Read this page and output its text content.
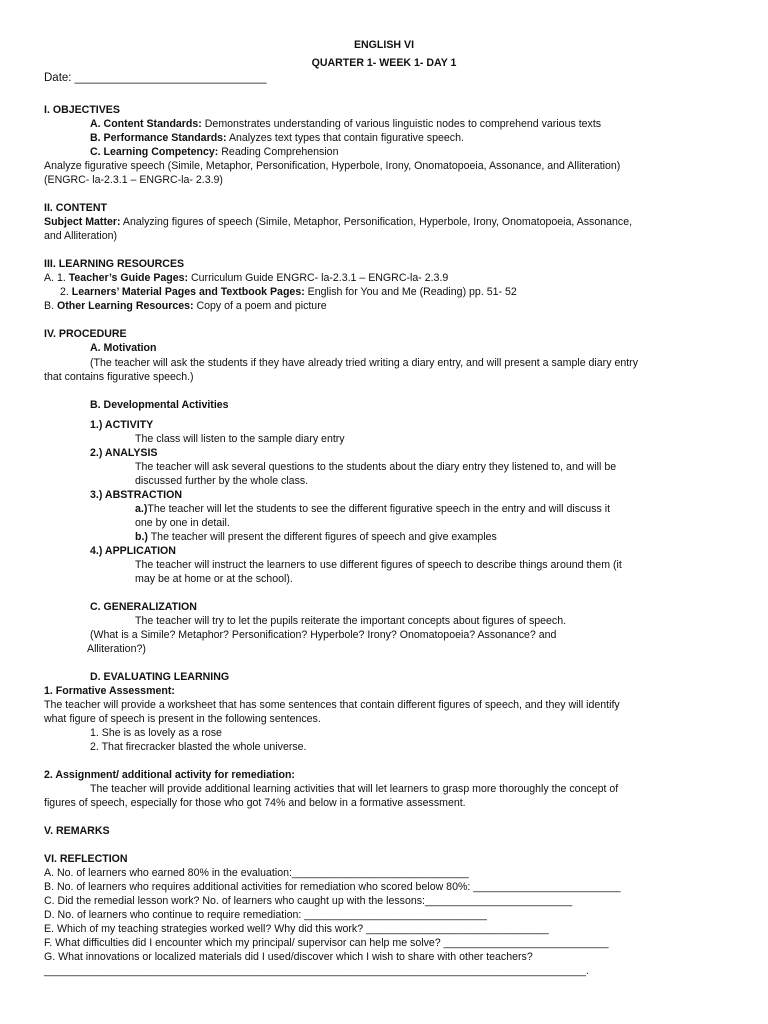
ENGLISH VI
QUARTER 1- WEEK 1- DAY 1
Date: ______________________________
I. OBJECTIVES
A. Content Standards: Demonstrates understanding of various linguistic nodes to comprehend various texts
B. Performance Standards: Analyzes text types that contain figurative speech.
C. Learning Competency: Reading Comprehension
Analyze figurative speech (Simile, Metaphor, Personification, Hyperbole, Irony, Onomatopoeia, Assonance, and Alliteration)
(ENGRC- la-2.3.1 – ENGRC-la- 2.3.9)
II. CONTENT
Subject Matter: Analyzing figures of speech (Simile, Metaphor, Personification, Hyperbole, Irony, Onomatopoeia, Assonance,
and Alliteration)
III. LEARNING RESOURCES
A. 1. Teacher’s Guide Pages: Curriculum Guide ENGRC- la-2.3.1 – ENGRC-la- 2.3.9
2. Learners’ Material Pages and Textbook Pages: English for You and Me (Reading) pp. 51- 52
B. Other Learning Resources: Copy of a poem and picture
IV. PROCEDURE
A. Motivation
(The teacher will ask the students if they have already tried writing a diary entry, and will present a sample diary entry
that contains figurative speech.)
B. Developmental Activities
1.) ACTIVITY
The class will listen to the sample diary entry
2.) ANALYSIS
The teacher will ask several questions to the students about the diary entry they listened to, and will be
discussed further by the whole class.
3.) ABSTRACTION
a.)The teacher will let the students to see the different figurative speech in the entry and will discuss it
one by one in detail.
b.) The teacher will present the different figures of speech and give examples
4.) APPLICATION
The teacher will instruct the learners to use different figures of speech to describe things around them (it
may be at home or at the school).
C. GENERALIZATION
The teacher will try to let the pupils reiterate the important concepts about figures of speech.
(What is a Simile? Metaphor? Personification? Hyperbole? Irony? Onomatopoeia? Assonance? and
Alliteration?)
D. EVALUATING LEARNING
1. Formative Assessment:
The teacher will provide a worksheet that has some sentences that contain different figures of speech, and they will identify
what figure of speech is present in the following sentences.
1. She is as lovely as a rose
2. That firecracker blasted the whole universe.
2. Assignment/ additional activity for remediation:
The teacher will provide additional learning activities that will let learners to grasp more thoroughly the concept of
figures of speech, especially for those who got 74% and below in a formative assessment.
V. REMARKS
VI. REFLECTION
A. No. of learners who earned 80% in the evaluation:______________________________
B. No. of learners who requires additional activities for remediation who scored below 80%: _________________________
C. Did the remedial lesson work? No. of learners who caught up with the lessons:_________________________
D. No. of learners who continue to require remediation: _______________________________
E. Which of my teaching strategies worked well? Why did this work? _______________________________
F. What difficulties did I encounter which my principal/ supervisor can help me solve? ____________________________
G. What innovations or localized materials did I used/discover which I wish to share with other teachers?
____________________________________________________________________________________________.
